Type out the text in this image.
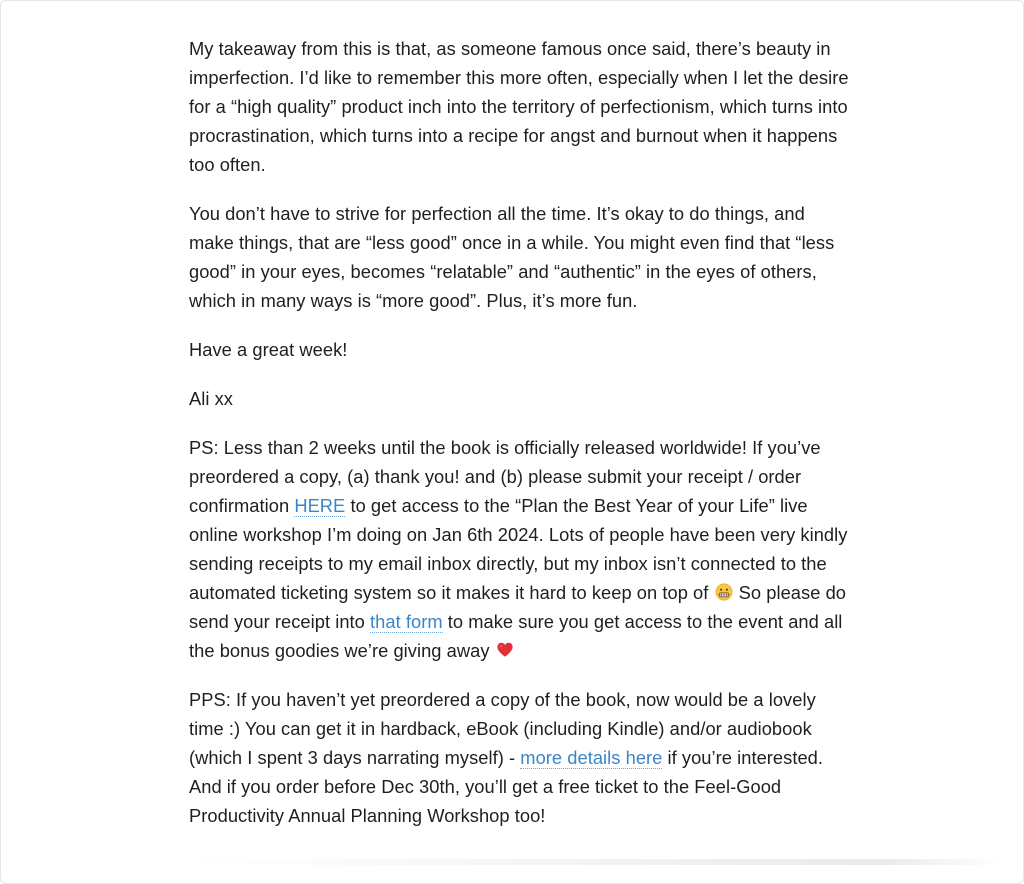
My takeaway from this is that, as someone famous once said, there’s beauty in imperfection. I’d like to remember this more often, especially when I let the desire for a “high quality” product inch into the territory of perfectionism, which turns into procrastination, which turns into a recipe for angst and burnout when it happens too often.

You don’t have to strive for perfection all the time. It’s okay to do things, and make things, that are “less good” once in a while. You might even find that “less good” in your eyes, becomes “relatable” and “authentic” in the eyes of others, which in many ways is “more good”. Plus, it’s more fun.

Have a great week!

Ali xx

PS: Less than 2 weeks until the book is officially released worldwide! If you’ve preordered a copy, (a) thank you! and (b) please submit your receipt / order confirmation HERE to get access to the “Plan the Best Year of your Life” live online workshop I’m doing on Jan 6th 2024. Lots of people have been very kindly sending receipts to my email inbox directly, but my inbox isn’t connected to the automated ticketing system so it makes it hard to keep on top of  So please do send your receipt into that form to make sure you get access to the event and all the bonus goodies we’re giving away

PPS: If you haven’t yet preordered a copy of the book, now would be a lovely time :) You can get it in hardback, eBook (including Kindle) and/or audiobook (which I spent 3 days narrating myself) - more details here if you’re interested. And if you order before Dec 30th, you’ll get a free ticket to the Feel-Good Productivity Annual Planning Workshop too!
